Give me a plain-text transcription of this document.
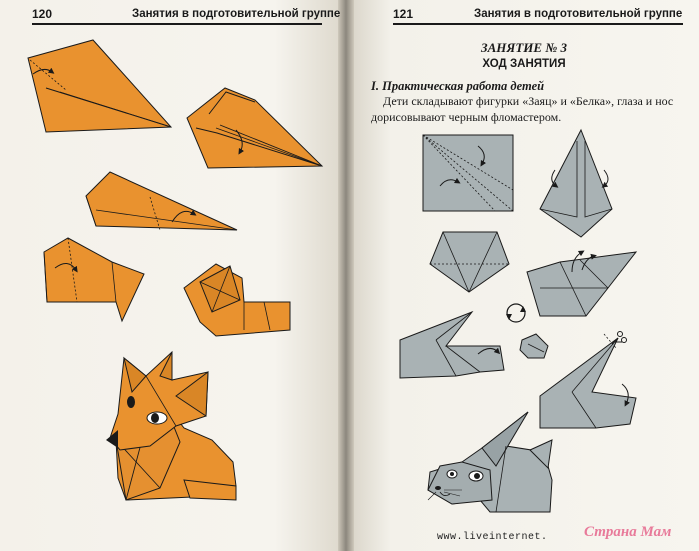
120	Занятия в подготовительной группе	121	Занятия в подготовительной группе
ЗАНЯТИЕ № 3
ХОД ЗАНЯТИЯ
I. Практическая работа детей
Дети складывают фигурки «Заяц» и «Белка», глаза и нос
дорисовывают черным фломастером.
www.liveinternet. Страна Мам
